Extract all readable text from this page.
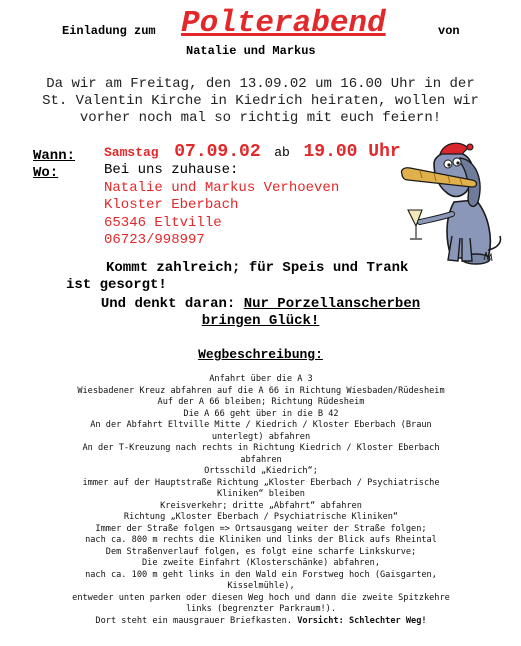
Einladung zum Polterabend	von
Natalie und Markus
Da wir am Freitag, den 13.09.02 um 16.00 Uhr in der
St. Valentin Kirche in Kiedrich heiraten, wollen wir
vorher noch mal so richtig mit euch feiern!
Wann:
Wo:
Samstag 07.09.02 ab 19.00 Uhr
Bei uns zuhause:
Natalie und Markus Verhoeven
Kloster Eberbach
65346 Eltville
06723/998997
Kommt zahlreich; für Speis und Trank
ist gesorgt!
Und denkt daran: Nur Porzellanscherben
bringen Glück!
Wegbeschreibung:
Anfahrt über die A 3
Wiesbadener Kreuz abfahren auf die A 66 in Richtung Wiesbaden/Rüdesheim
Auf der A 66 bleiben; Richtung Rüdesheim
Die A 66 geht über in die B 42
An der Abfahrt Eltville Mitte / Kiedrich / Kloster Eberbach (Braun
unterlegt) abfahren
An der T-Kreuzung nach rechts in Richtung Kiedrich / Kloster Eberbach
abfahren
Ortsschild „Kiedrich“;
immer auf der Hauptstraße Richtung „Kloster Eberbach / Psychiatrische
Kliniken“ bleiben
Kreisverkehr; dritte „Abfahrt“ abfahren
Richtung „Kloster Eberbach / Psychiatrische Kliniken“
Immer der Straße folgen => Ortsausgang weiter der Straße folgen;
nach ca. 800 m rechts die Kliniken und links der Blick aufs Rheintal
Dem Straßenverlauf folgen, es folgt eine scharfe Linkskurve;
Die zweite Einfahrt (Klosterschänke) abfahren,
nach ca. 100 m geht links in den Wald ein Forstweg hoch (Gaisgarten,
Kisselmühle),
entweder unten parken oder diesen Weg hoch und dann die zweite Spitzkehre
links (begrenzter Parkraum!).
Dort steht ein mausgrauer Briefkasten. Vorsicht: Schlechter Weg!
